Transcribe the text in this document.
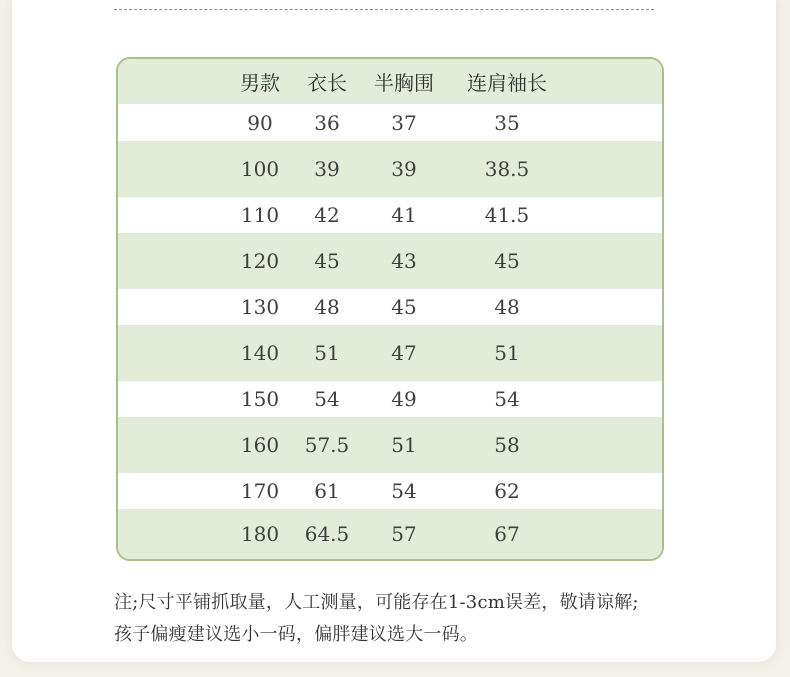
男款	衣长	半胸围	连肩袖长
90	36	37	35
100	39	39	38.5
110	42	41	41.5
120	45	43	45
130	48	45	48
140	51	47	51
150	54	49	54
160	57.5	51	58
170	61	54	62
180	64.5	57	67
注;尺寸平铺抓取量，人工测量，可能存在1-3cm误差，敬请谅解;
孩子偏瘦建议选小一码，偏胖建议选大一码。
